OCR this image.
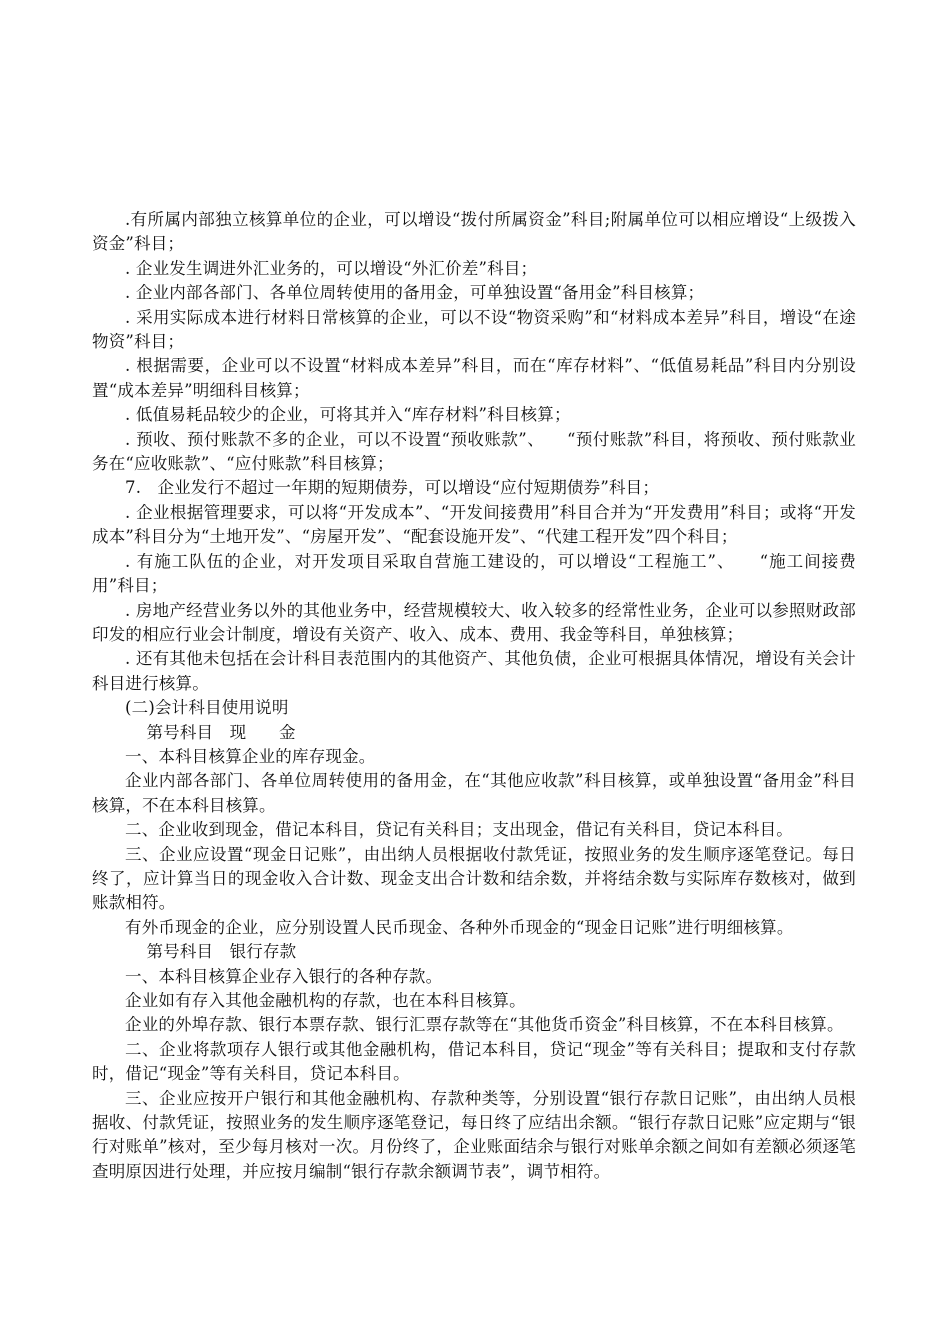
.有所属内部独立核算单位的企业，可以增设“拨付所属资金”科目;附属单位可以相应增设“上级拨入资金”科目；

. 企业发生调进外汇业务的，可以增设“外汇价差”科目；

. 企业内部各部门、各单位周转使用的备用金，可单独设置“备用金”科目核算；

. 采用实际成本进行材料日常核算的企业，可以不设“物资采购”和“材料成本差异”科目，增设“在途物资”科目；

. 根据需要，企业可以不设置“材料成本差异”科目，而在“库存材料”、“低值易耗品”科目内分别设置“成本差异”明细科目核算；

. 低值易耗品较少的企业，可将其并入“库存材料”科目核算；

. 预收、预付账款不多的企业，可以不设置“预收账款”、    “预付账款”科目，将预收、预付账款业务在“应收账款”、“应付账款”科目核算；

7.   企业发行不超过一年期的短期债券，可以增设“应付短期债券”科目；

. 企业根据管理要求，可以将“开发成本”、“开发间接费用”科目合并为“开发费用”科目；或将“开发成本”科目分为“土地开发”、“房屋开发”、“配套设施开发”、“代建工程开发”四个科目；

. 有施工队伍的企业，对开发项目采取自营施工建设的，可以增设“工程施工”、    “施工间接费用”科目；

. 房地产经营业务以外的其他业务中，经营规模较大、收入较多的经常性业务，企业可以参照财政部印发的相应行业会计制度，增设有关资产、收入、成本、费用、我金等科目，单独核算；

. 还有其他未包括在会计科目表范围内的其他资产、其他负债，企业可根据具体情况，增设有关会计科目进行核算。

(二)会计科目使用说明

第号科目   现      金

一、本科目核算企业的库存现金。

企业内部各部门、各单位周转使用的备用金，在“其他应收款”科目核算，或单独设置“备用金”科目核算，不在本科目核算。

二、企业收到现金，借记本科目，贷记有关科目；支出现金，借记有关科目，贷记本科目。

三、企业应设置“现金日记账”，由出纳人员根据收付款凭证，按照业务的发生顺序逐笔登记。每日终了，应计算当日的现金收入合计数、现金支出合计数和结余数，并将结余数与实际库存数核对，做到账款相符。

有外币现金的企业，应分别设置人民币现金、各种外币现金的“现金日记账”进行明细核算。

第号科目   银行存款

一、本科目核算企业存入银行的各种存款。

企业如有存入其他金融机构的存款，也在本科目核算。

企业的外埠存款、银行本票存款、银行汇票存款等在“其他货币资金”科目核算，不在本科目核算。

二、企业将款项存人银行或其他金融机构，借记本科目，贷记“现金”等有关科目；提取和支付存款时，借记“现金”等有关科目，贷记本科目。

三、企业应按开户银行和其他金融机构、存款种类等，分别设置“银行存款日记账”，由出纳人员根据收、付款凭证，按照业务的发生顺序逐笔登记，每日终了应结出余额。“银行存款日记账”应定期与“银行对账单”核对，至少每月核对一次。月份终了，企业账面结余与银行对账单余额之间如有差额必须逐笔查明原因进行处理，并应按月编制“银行存款余额调节表”，调节相符。
